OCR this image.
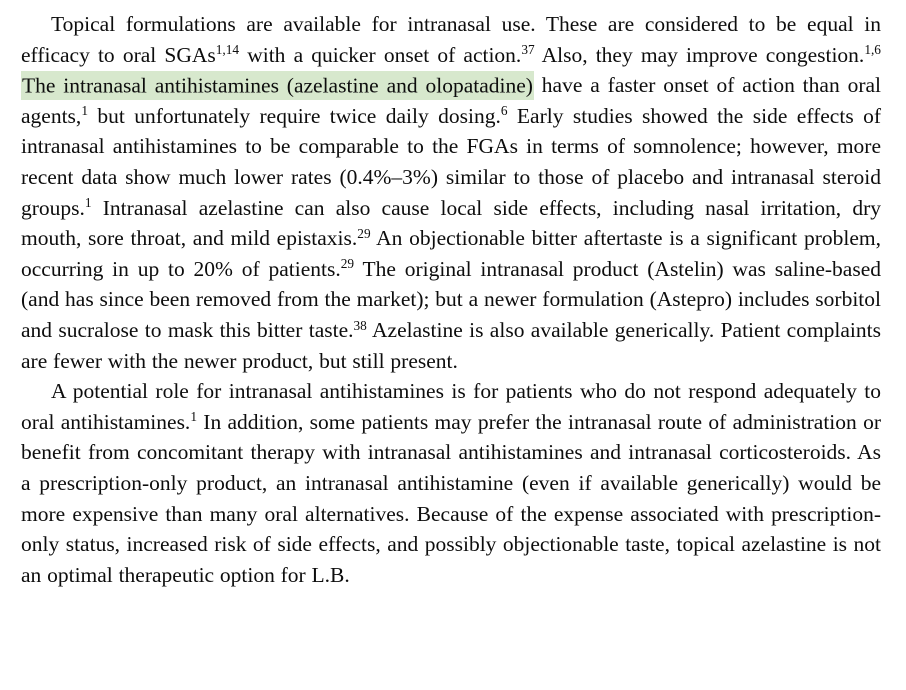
Topical formulations are available for intranasal use. These are considered to be equal in efficacy to oral SGAs$^{1,14}$ with a quicker onset of action.$^{37}$ Also, they may improve congestion.$^{1,6}$ The intranasal antihistamines (azelastine and olopatadine) have a faster onset of action than oral agents,$^1$ but unfortunately require twice daily dosing.$^6$ Early studies showed the side effects of intranasal antihistamines to be comparable to the FGAs in terms of somnolence; however, more recent data show much lower rates (0.4%–3%) similar to those of placebo and intranasal steroid groups.$^1$ Intranasal azelastine can also cause local side effects, including nasal irritation, dry mouth, sore throat, and mild epistaxis.$^{29}$ An objectionable bitter aftertaste is a significant problem, occurring in up to 20% of patients.$^{29}$ The original intranasal product (Astelin) was saline-based (and has since been removed from the market); but a newer formulation (Astepro) includes sorbitol and sucralose to mask this bitter taste.$^{38}$ Azelastine is also available generically. Patient complaints are fewer with the newer product, but still present.

A potential role for intranasal antihistamines is for patients who do not respond adequately to oral antihistamines.$^1$ In addition, some patients may prefer the intranasal route of administration or benefit from concomitant therapy with intranasal antihistamines and intranasal corticosteroids. As a prescription-only product, an intranasal antihistamine (even if available generically) would be more expensive than many oral alternatives. Because of the expense associated with prescription-only status, increased risk of side effects, and possibly objectionable taste, topical azelastine is not an optimal therapeutic option for L.B.
